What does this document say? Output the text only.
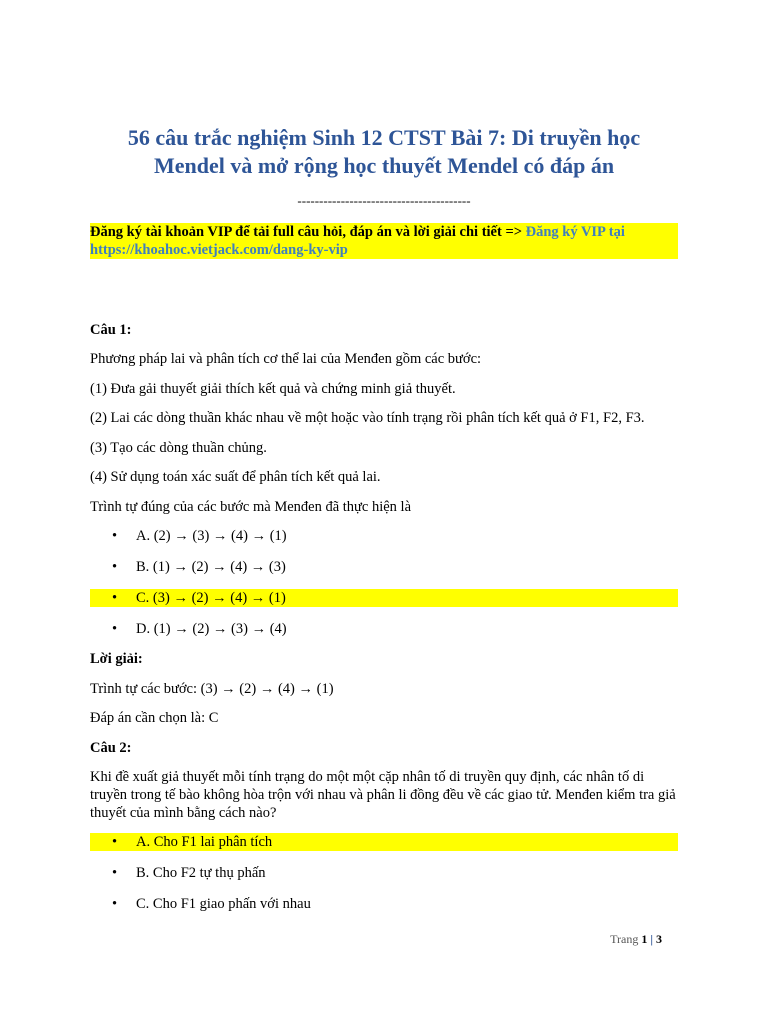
56 câu trắc nghiệm Sinh 12 CTST Bài 7: Di truyền học
Mendel và mở rộng học thuyết Mendel có đáp án
----------------------------------------
Đăng ký tài khoản VIP để tải full câu hỏi, đáp án và lời giải chi tiết => Đăng ký VIP tại https://khoahoc.vietjack.com/dang-ky-vip
Câu 1:
Phương pháp lai và phân tích cơ thể lai của Menđen gồm các bước:
(1) Đưa gải thuyết giải thích kết quả và chứng minh giả thuyết.
(2) Lai các dòng thuần khác nhau về một hoặc vào tính trạng rồi phân tích kết quả ở F1, F2, F3.
(3) Tạo các dòng thuần chủng.
(4) Sử dụng toán xác suất để phân tích kết quả lai.
Trình tự đúng của các bước mà Menđen đã thực hiện là
• A. (2) → (3) → (4) → (1)
• B. (1) → (2) → (4) → (3)
• C. (3) → (2) → (4) → (1)
• D. (1) → (2) → (3) → (4)
Lời giải:
Trình tự các bước: (3) → (2) → (4) → (1)
Đáp án cần chọn là: C
Câu 2:
Khi đề xuất giả thuyết mỗi tính trạng do một một cặp nhân tố di truyền quy định, các nhân tố di truyền trong tế bào không hòa trộn với nhau và phân li đồng đều về các giao tử. Menđen kiểm tra giả thuyết của mình bằng cách nào?
• A. Cho F1 lai phân tích
• B. Cho F2 tự thụ phấn
• C. Cho F1 giao phấn với nhau
Trang 1 | 3
